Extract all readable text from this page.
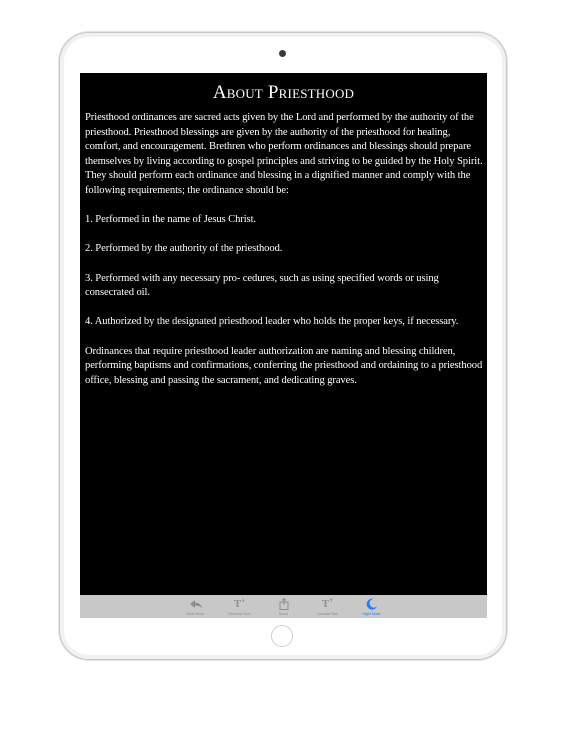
About Priesthood

Priesthood ordinances are sacred acts given by the Lord and performed by the authority of the priesthood. Priesthood blessings are given by the authority of the priesthood for healing, comfort, and encouragement. Brethren who perform ordinances and blessings should prepare themselves by living according to gospel principles and striving to be guided by the Holy Spirit. They should perform each ordinance and blessing in a dignified manner and comply with the following requirements; the ordinance should be:

1. Performed in the name of Jesus Christ.

2. Performed by the authority of the priesthood.

3. Performed with any necessary pro- cedures, such as using specified words or using consecrated oil.

4. Authorized by the designated priesthood leader who holds the proper keys, if necessary.

Ordinances that require priesthood leader authorization are naming and blessing children, performing baptisms and confirmations, conferring the priesthood and ordaining to a priesthood office, blessing and passing the sacrament, and dedicating graves.

Main Menu
T ꜜ
Decrease Size	Share
T ꜛ
Increase Size	Night Mode
